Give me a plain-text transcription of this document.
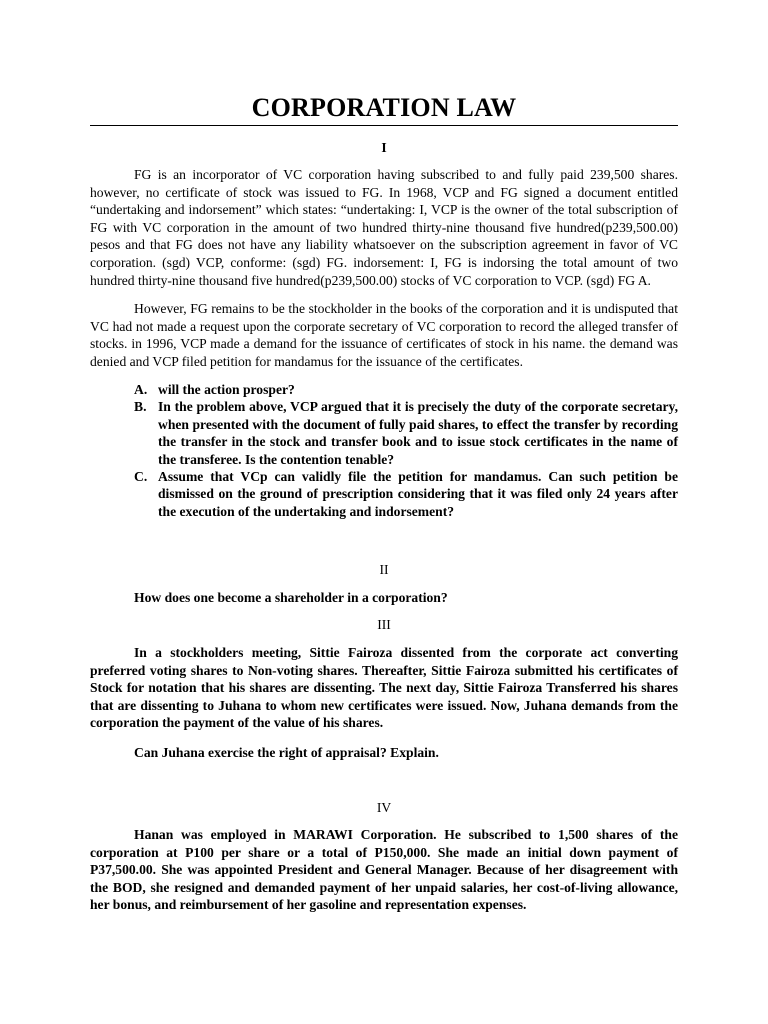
CORPORATION LAW
I

FG is an incorporator of VC corporation having subscribed to and fully paid 239,500 shares. however, no certificate of stock was issued to FG. In 1968, VCP and FG signed a document entitled “undertaking and indorsement” which states: “undertaking: I, VCP is the owner of the total subscription of FG with VC corporation in the amount of two hundred thirty-nine thousand five hundred(p239,500.00) pesos and that FG does not have any liability whatsoever on the subscription agreement in favor of VC corporation. (sgd) VCP, conforme: (sgd) FG. indorsement: I, FG is indorsing the total amount of two hundred thirty-nine thousand five hundred(p239,500.00) stocks of VC corporation to VCP. (sgd) FG A.

However, FG remains to be the stockholder in the books of the corporation and it is undisputed that VC had not made a request upon the corporate secretary of VC corporation to record the alleged transfer of stocks. in 1996, VCP made a demand for the issuance of certificates of stock in his name. the demand was denied and VCP filed petition for mandamus for the issuance of the certificates.

A. will the action prosper?
B. In the problem above, VCP argued that it is precisely the duty of the corporate secretary, when presented with the document of fully paid shares, to effect the transfer by recording the transfer in the stock and transfer book and to issue stock certificates in the name of the transferee. Is the contention tenable?
C. Assume that VCp can validly file the petition for mandamus. Can such petition be dismissed on the ground of prescription considering that it was filed only 24 years after the execution of the undertaking and indorsement?
II

How does one become a shareholder in a corporation?

III

In a stockholders meeting, Sittie Fairoza dissented from the corporate act converting preferred voting shares to Non-voting shares. Thereafter, Sittie Fairoza submitted his certificates of Stock for notation that his shares are dissenting. The next day, Sittie Fairoza Transferred his shares that are dissenting to Juhana to whom new certificates were issued. Now, Juhana demands from the corporation the payment of the value of his shares.

Can Juhana exercise the right of appraisal? Explain.

IV

Hanan was employed in MARAWI Corporation. He subscribed to 1,500 shares of the corporation at P100 per share or a total of P150,000. She made an initial down payment of P37,500.00. She was appointed President and General Manager. Because of her disagreement with the BOD, she resigned and demanded payment of her unpaid salaries, her cost-of-living allowance, her bonus, and reimbursement of her gasoline and representation expenses.
